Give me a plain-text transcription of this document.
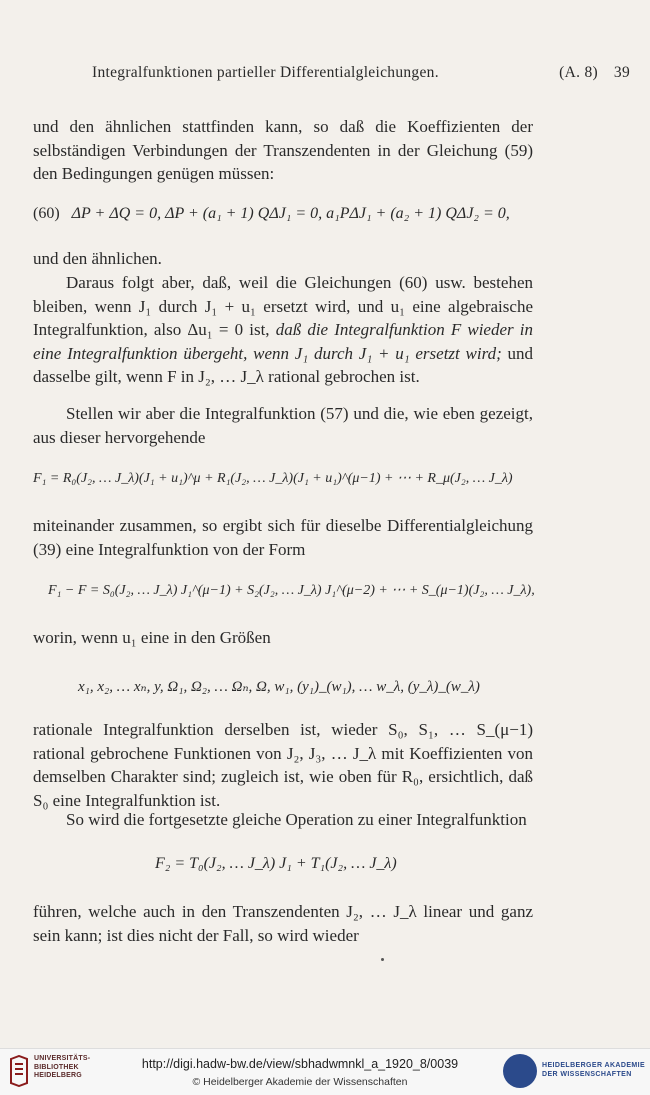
Integralfunktionen partieller Differentialgleichungen.	(A. 8) 39

und den ähnlichen stattfinden kann, so daß die Koeffizienten der selbständigen Verbindungen der Transzendenten in der Gleichung (59) den Bedingungen genügen müssen:

(60) ΔP + ΔQ = 0, ΔP + (a₁ + 1) QΔJ₁ = 0, a₁PΔJ₁ + (a₂ + 1) QΔJ₂ = 0,

und den ähnlichen.

Daraus folgt aber, daß, weil die Gleichungen (60) usw. bestehen bleiben, wenn J₁ durch J₁ + u₁ ersetzt wird, und u₁ eine algebraische Integralfunktion, also Δu₁ = 0 ist, daß die Integralfunktion F wieder in eine Integralfunktion übergeht, wenn J₁ durch J₁ + u₁ ersetzt wird; und dasselbe gilt, wenn F in J₂, … J_λ rational gebrochen ist.

Stellen wir aber die Integralfunktion (57) und die, wie eben gezeigt, aus dieser hervorgehende

F₁ = R₀(J₂, … J_λ)(J₁ + u₁)^μ + R₁(J₂, … J_λ)(J₁ + u₁)^(μ−1) + ⋯ + R_μ(J₂, … J_λ)

miteinander zusammen, so ergibt sich für dieselbe Differentialgleichung (39) eine Integralfunktion von der Form

F₁ − F = S₀(J₂, … J_λ) J₁^(μ−1) + S₂(J₂, … J_λ) J₁^(μ−2) + ⋯ + S_(μ−1)(J₂, … J_λ),

worin, wenn u₁ eine in den Größen

x₁, x₂, … xₙ, y, Ω₁, Ω₂, … Ωₙ, Ω, w₁, (y₁)_(w₁), … w_λ, (y_λ)_(w_λ)

rationale Integralfunktion derselben ist, wieder S₀, S₁, … S_(μ−1) rational gebrochene Funktionen von J₂, J₃, … J_λ mit Koeffizienten von demselben Charakter sind; zugleich ist, wie oben für R₀, ersichtlich, daß S₀ eine Integralfunktion ist.

So wird die fortgesetzte gleiche Operation zu einer Integralfunktion

F₂ = T₀(J₂, … J_λ) J₁ + T₁(J₂, … J_λ)

führen, welche auch in den Transzendenten J₂, … J_λ linear und ganz sein kann; ist dies nicht der Fall, so wird wieder

UNIVERSITÄTS-
BIBLIOTHEK
HEIDELBERG
http://digi.hadw-bw.de/view/sbhadwmnkl_a_1920_8/0039
© Heidelberger Akademie der Wissenschaften
HEIDELBERGER AKADEMIE
DER WISSENSCHAFTEN
